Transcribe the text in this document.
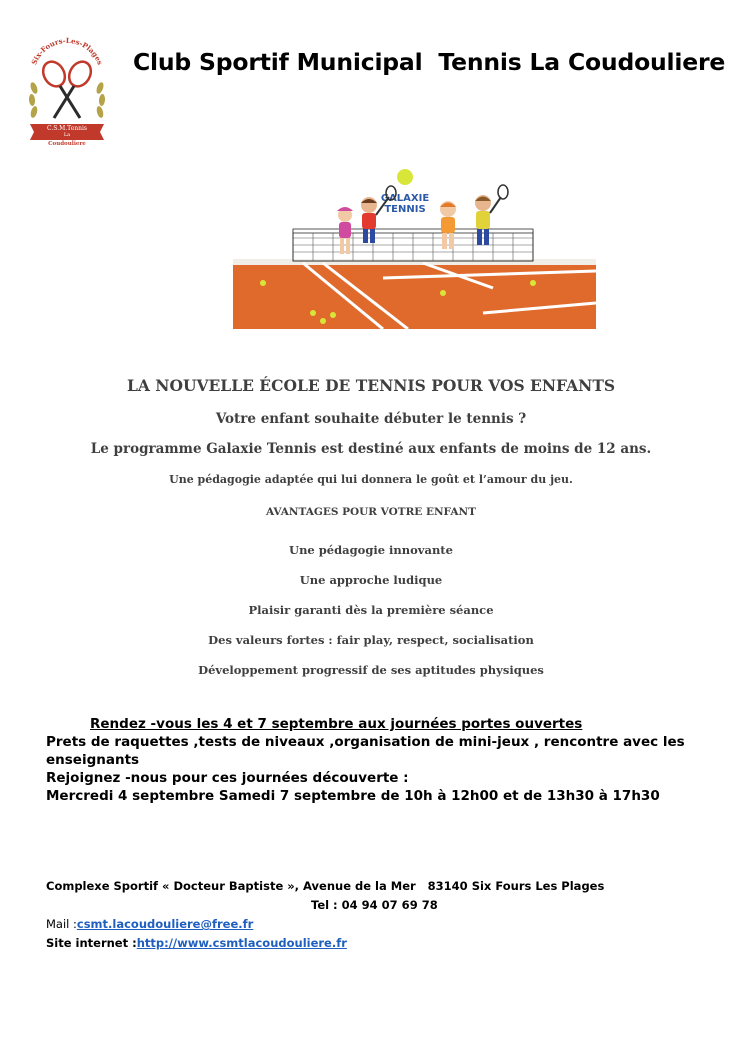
Six-Fours-Les-Plages
C.S.M.Tennis
La
Coudouliere
Club Sportif Municipal  Tennis La Coudouliere
GALAXIE
TENNIS
LA NOUVELLE ÉCOLE DE TENNIS POUR VOS ENFANTS
Votre enfant souhaite débuter le tennis ?
Le programme Galaxie Tennis est destiné aux enfants de moins de 12 ans.
Une pédagogie adaptée qui lui donnera le goût et l’amour du jeu.
AVANTAGES POUR VOTRE ENFANT
Une pédagogie innovante
Une approche ludique
Plaisir garanti dès la première séance
Des valeurs fortes : fair play, respect, socialisation
Développement progressif de ses aptitudes physiques
Rendez -vous les 4 et 7 septembre aux journées portes ouvertes
Prets de raquettes ,tests de niveaux ,organisation de mini-jeux , rencontre avec les enseignants
Rejoignez -nous pour ces journées découverte :
Mercredi 4 septembre Samedi 7 septembre de 10h à 12h00 et de 13h30 à 17h30
Complexe Sportif « Docteur Baptiste », Avenue de la Mer   83140 Six Fours Les Plages
Tel : 04 94 07 69 78
Mail :csmt.lacoudouliere@free.fr
Site internet :http://www.csmtlacoudouliere.fr
